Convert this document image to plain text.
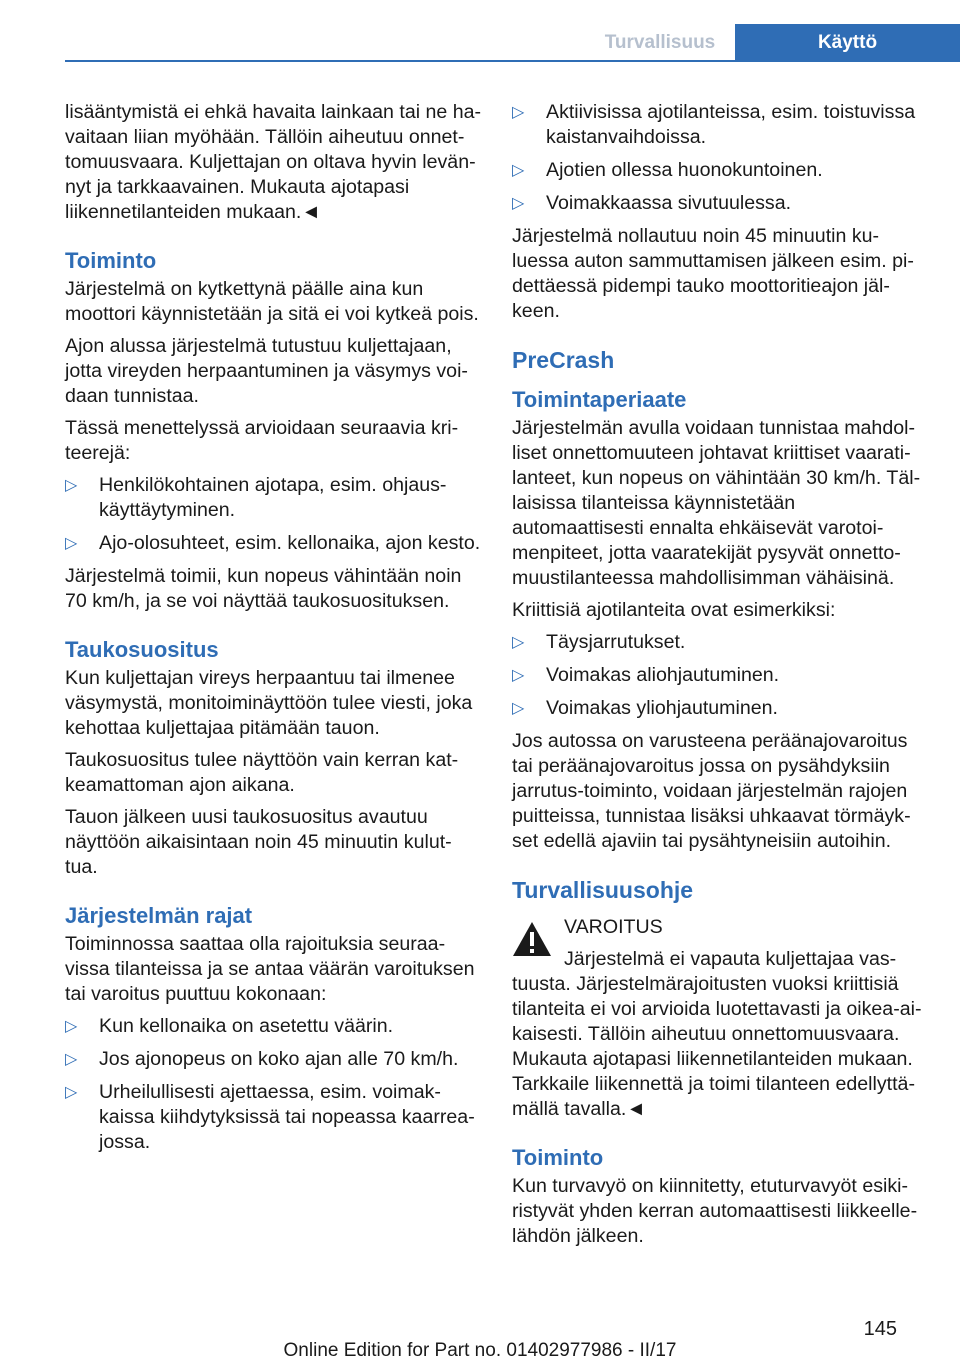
Turvallisuus	Käyttö

lisääntymistä ei ehkä havaita lainkaan tai ne ha-vaitaan liian myöhään. Tällöin aiheutuu onnet-tomuusvaara. Kuljettajan on oltava hyvin levän-nyt ja tarkkaavainen. Mukauta ajotapasi liikennetilanteiden mukaan.◄

Toiminto

Järjestelmä on kytkettynä päälle aina kun moottori käynnistetään ja sitä ei voi kytkeä pois.

Ajon alussa järjestelmä tutustuu kuljettajaan, jotta vireyden herpaantuminen ja väsymys voi-daan tunnistaa.

Tässä menettelyssä arvioidaan seuraavia kri-teerejä:

▷ Henkilökohtainen ajotapa, esim. ohjaus-käyttäytyminen.
▷ Ajo-olosuhteet, esim. kellonaika, ajon kesto.

Järjestelmä toimii, kun nopeus vähintään noin 70 km/h, ja se voi näyttää taukosuosituksen.

Taukosuositus

Kun kuljettajan vireys herpaantuu tai ilmenee väsymystä, monitoiminäyttöön tulee viesti, joka kehottaa kuljettajaa pitämään tauon.

Taukosuositus tulee näyttöön vain kerran kat-keamattoman ajon aikana.

Tauon jälkeen uusi taukosuositus avautuu näyttöön aikaisintaan noin 45 minuutin kulut-tua.

Järjestelmän rajat

Toiminnossa saattaa olla rajoituksia seuraa-vissa tilanteissa ja se antaa väärän varoituksen tai varoitus puuttuu kokonaan:

▷ Kun kellonaika on asetettu väärin.
▷ Jos ajonopeus on koko ajan alle 70 km/h.
▷ Urheilullisesti ajettaessa, esim. voimak-kaissa kiihdytyksissä tai nopeassa kaarrea-jossa.
▷ Aktiivisissa ajotilanteissa, esim. toistuvissa kaistanvaihdoissa.
▷ Ajotien ollessa huonokuntoinen.
▷ Voimakkaassa sivutuulessa.

Järjestelmä nollautuu noin 45 minuutin ku-luessa auton sammuttamisen jälkeen esim. pi-dettäessä pidempi tauko moottoritieajon jäl-keen.

PreCrash
Toimintaperiaate

Järjestelmän avulla voidaan tunnistaa mahdol-liset onnettomuuteen johtavat kriittiset vaarati-lanteet, kun nopeus on vähintään 30 km/h. Täl-laisissa tilanteissa käynnistetään automaattisesti ennalta ehkäisevät varotoi-menpiteet, jotta vaaratekijät pysyvät onnetto-muustilanteessa mahdollisimman vähäisinä.

Kriittisiä ajotilanteita ovat esimerkiksi:

▷ Täysjarrutukset.
▷ Voimakas aliohjautuminen.
▷ Voimakas yliohjautuminen.

Jos autossa on varusteena peräänajovaroitus tai peräänajovaroitus jossa on pysähdyksiin jarrutus-toiminto, voidaan järjestelmän rajojen puitteissa, tunnistaa lisäksi uhkaavat törmäyk-set edellä ajaviin tai pysähtyneisiin autoihin.

Turvallisuusohje
VAROITUS

Järjestelmä ei vapauta kuljettajaa vas-tuusta. Järjestelmärajoitusten vuoksi kriittisiä tilanteita ei voi arvioida luotettavasti ja oikea-ai-kaisesti. Tällöin aiheutuu onnettomuusvaara. Mukauta ajotapasi liikennetilanteiden mukaan. Tarkkaile liikennettä ja toimi tilanteen edellyttä-mällä tavalla.◄

Toiminto

Kun turvavyö on kiinnitetty, etuturvavyöt esiki-ristyvät yhden kerran automaattisesti liikkeelle-lähdön jälkeen.

145
Online Edition for Part no. 01402977986 - II/17
